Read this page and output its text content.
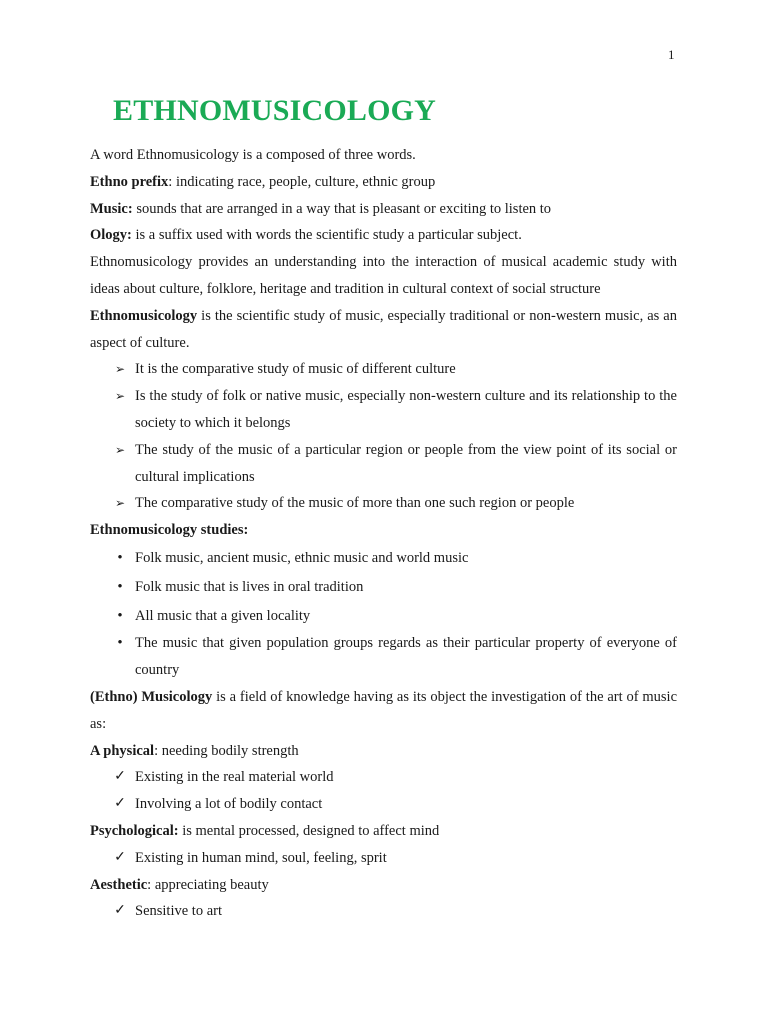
1
ETHNOMUSICOLOGY

A word Ethnomusicology is a composed of three words.

Ethno prefix: indicating race, people, culture, ethnic group

Music: sounds that are arranged in a way that is pleasant or exciting to listen to

Ology: is a suffix used with words the scientific study a particular subject.

Ethnomusicology provides an understanding into the interaction of musical academic study with ideas about culture, folklore, heritage and tradition in cultural context of social structure

Ethnomusicology is the scientific study of music, especially traditional or non-western music, as an aspect of culture.

➢ It is the comparative study of music of different culture
➢ Is the study of folk or native music, especially non-western culture and its relationship to the society to which it belongs
➢ The study of the music of a particular region or people from the view point of its social or cultural implications
➢ The comparative study of the music of more than one such region or people

Ethnomusicology studies:

• Folk music, ancient music, ethnic music and world music
• Folk music that is lives in oral tradition
• All music that a given locality
• The music that given population groups regards as their particular property of everyone of country

(Ethno) Musicology is a field of knowledge having as its object the investigation of the art of music as:

A physical: needing bodily strength

✓ Existing in the real material world
✓ Involving a lot of bodily contact

Psychological: is mental processed, designed to affect mind

✓ Existing in human mind, soul, feeling, sprit

Aesthetic: appreciating beauty

✓ Sensitive to art
